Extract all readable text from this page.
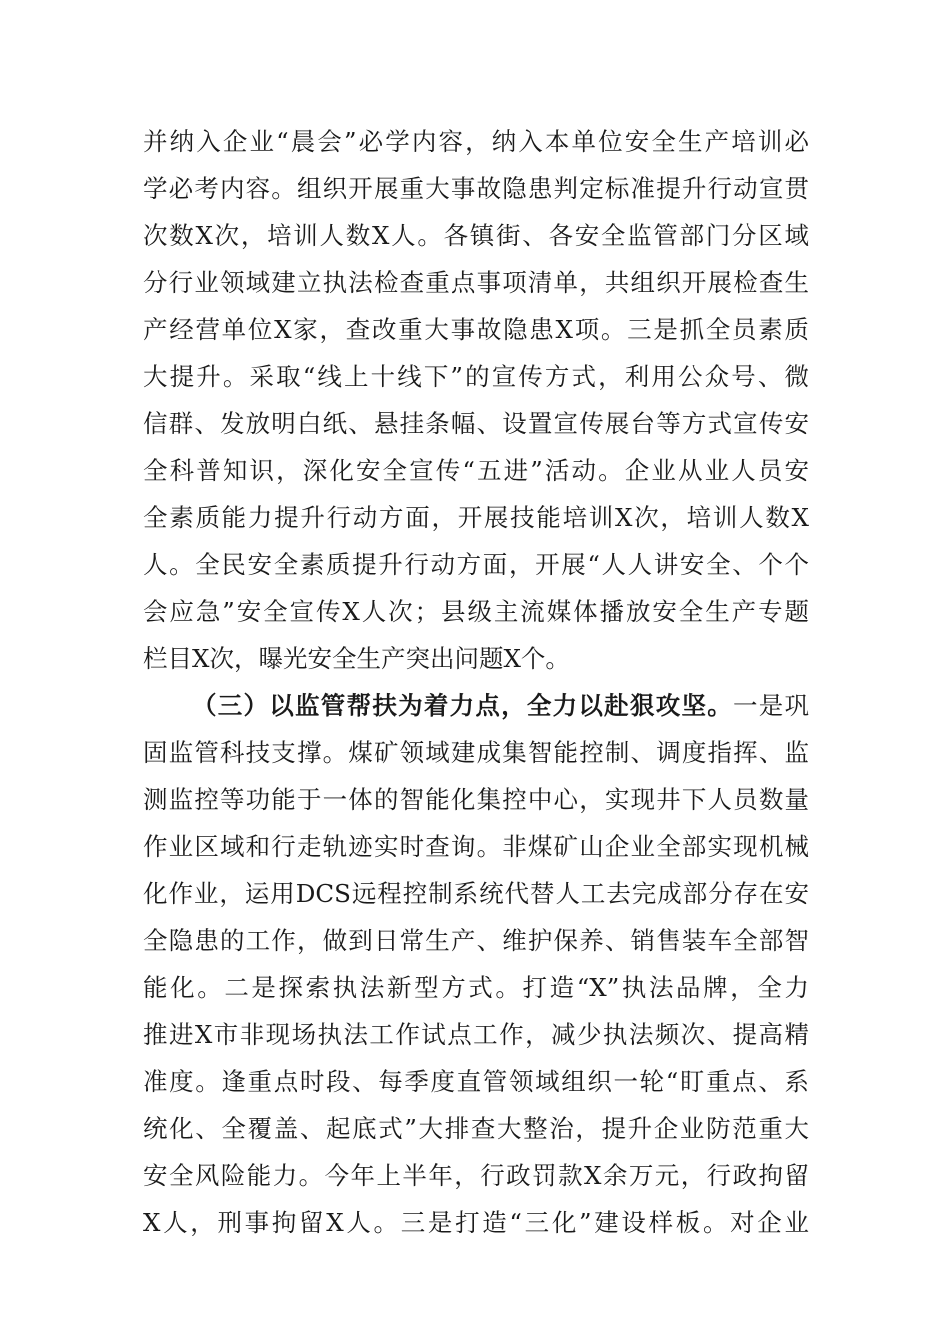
并纳入企业“晨会”必学内容，纳入本单位安全生产培训必
学必考内容。组织开展重大事故隐患判定标准提升行动宣贯
次数X次，培训人数X人。各镇街、各安全监管部门分区域
分行业领域建立执法检查重点事项清单，共组织开展检查生
产经营单位X家，查改重大事故隐患X项。三是抓全员素质
大提升。采取“线上十线下”的宣传方式，利用公众号、微
信群、发放明白纸、悬挂条幅、设置宣传展台等方式宣传安
全科普知识，深化安全宣传“五进”活动。企业从业人员安
全素质能力提升行动方面，开展技能培训X次，培训人数X
人。全民安全素质提升行动方面，开展“人人讲安全、个个
会应急”安全宣传X人次；县级主流媒体播放安全生产专题
栏目X次，曝光安全生产突出问题X个。
（三）以监管帮扶为着力点，全力以赴狠攻坚。一是巩
固监管科技支撑。煤矿领域建成集智能控制、调度指挥、监
测监控等功能于一体的智能化集控中心，实现井下人员数量
作业区域和行走轨迹实时查询。非煤矿山企业全部实现机械
化作业，运用DCS远程控制系统代替人工去完成部分存在安
全隐患的工作，做到日常生产、维护保养、销售装车全部智
能化。二是探索执法新型方式。打造“X”执法品牌，全力
推进X市非现场执法工作试点工作，减少执法频次、提高精
准度。逢重点时段、每季度直管领域组织一轮“盯重点、系
统化、全覆盖、起底式”大排查大整治，提升企业防范重大
安全风险能力。今年上半年，行政罚款X余万元，行政拘留
X人，刑事拘留X人。三是打造“三化”建设样板。对企业
